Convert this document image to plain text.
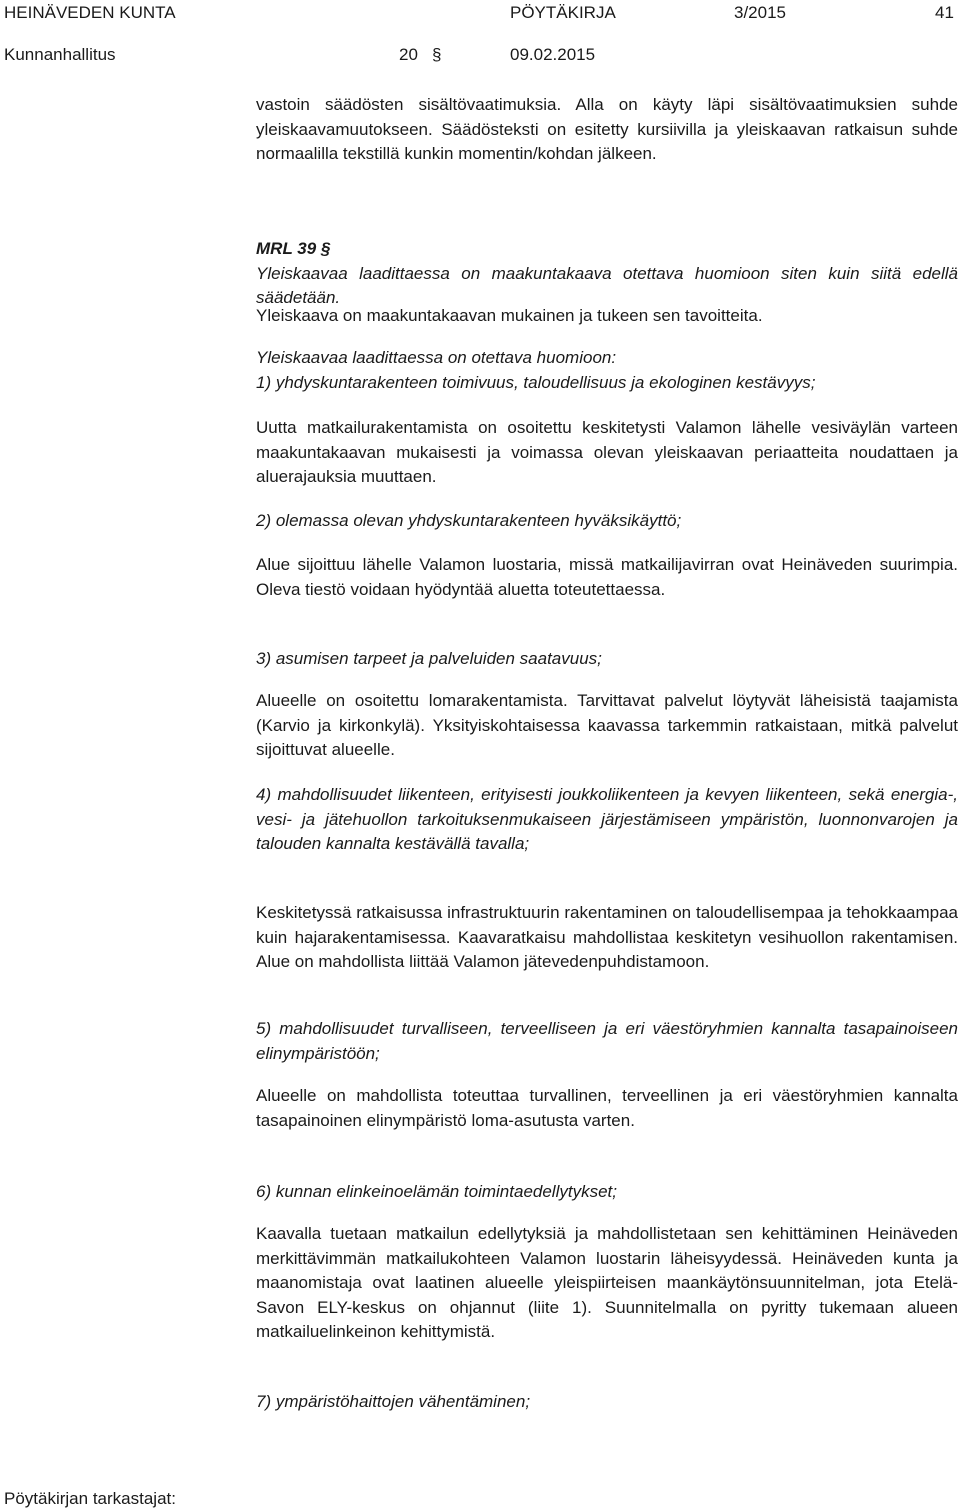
HEINÄVEDEN KUNTA	PÖYTÄKIRJA	3/2015	41
Kunnanhallitus	20 §	09.02.2015

vastoin säädösten sisältövaatimuksia. Alla on käyty läpi sisältövaatimuksien suhde yleiskaavamuutokseen. Säädösteksti on esitetty kursiivilla ja yleiskaavan ratkaisun suhde normaalilla tekstillä kunkin momentin/kohdan jälkeen.

MRL 39 §
Yleiskaavaa laadittaessa on maakuntakaava otettava huomioon siten kuin siitä edellä säädetään.

Yleiskaava on maakuntakaavan mukainen ja tukeen sen tavoitteita.

Yleiskaavaa laadittaessa on otettava huomioon:
1) yhdyskuntarakenteen toimivuus, taloudellisuus ja ekologinen kestävyys;

Uutta matkailurakentamista on osoitettu keskitetysti Valamon lähelle vesiväylän varteen maakuntakaavan mukaisesti ja voimassa olevan yleiskaavan periaatteita noudattaen ja aluerajauksia muuttaen.

2) olemassa olevan yhdyskuntarakenteen hyväksikäyttö;

Alue sijoittuu lähelle Valamon luostaria, missä matkailijavirran ovat Heinäveden suurimpia. Oleva tiestö voidaan hyödyntää aluetta toteutettaessa.

3) asumisen tarpeet ja palveluiden saatavuus;

Alueelle on osoitettu lomarakentamista. Tarvittavat palvelut löytyvät läheisistä taajamista (Karvio ja kirkonkylä). Yksityiskohtaisessa kaavassa tarkemmin ratkaistaan, mitkä palvelut sijoittuvat alueelle.

4) mahdollisuudet liikenteen, erityisesti joukkoliikenteen ja kevyen liikenteen, sekä energia-, vesi- ja jätehuollon tarkoituksenmukaiseen järjestämiseen ympäristön, luonnonvarojen ja talouden kannalta kestävällä tavalla;

Keskitetyssä ratkaisussa infrastruktuurin rakentaminen on taloudellisempaa ja tehokkaampaa kuin hajarakentamisessa. Kaavaratkaisu mahdollistaa keskitetyn vesihuollon rakentamisen. Alue on mahdollista liittää Valamon jätevedenpuhdistamoon.

5) mahdollisuudet turvalliseen, terveelliseen ja eri väestöryhmien kannalta tasapainoiseen elinympäristöön;

Alueelle on mahdollista toteuttaa turvallinen, terveellinen ja eri väestöryhmien kannalta tasapainoinen elinympäristö loma-asutusta varten.

6) kunnan elinkeinoelämän toimintaedellytykset;

Kaavalla tuetaan matkailun edellytyksiä ja mahdollistetaan sen kehittäminen Heinäveden merkittävimmän matkailukohteen Valamon luostarin läheisyydessä. Heinäveden kunta ja maanomistaja ovat laatinen alueelle yleispiirteisen maankäytönsuunnitelman, jota Etelä-Savon ELY-keskus on ohjannut (liite 1). Suunnitelmalla on pyritty tukemaan alueen matkailuelinkeinon kehittymistä.

7) ympäristöhaittojen vähentäminen;

Pöytäkirjan tarkastajat:
